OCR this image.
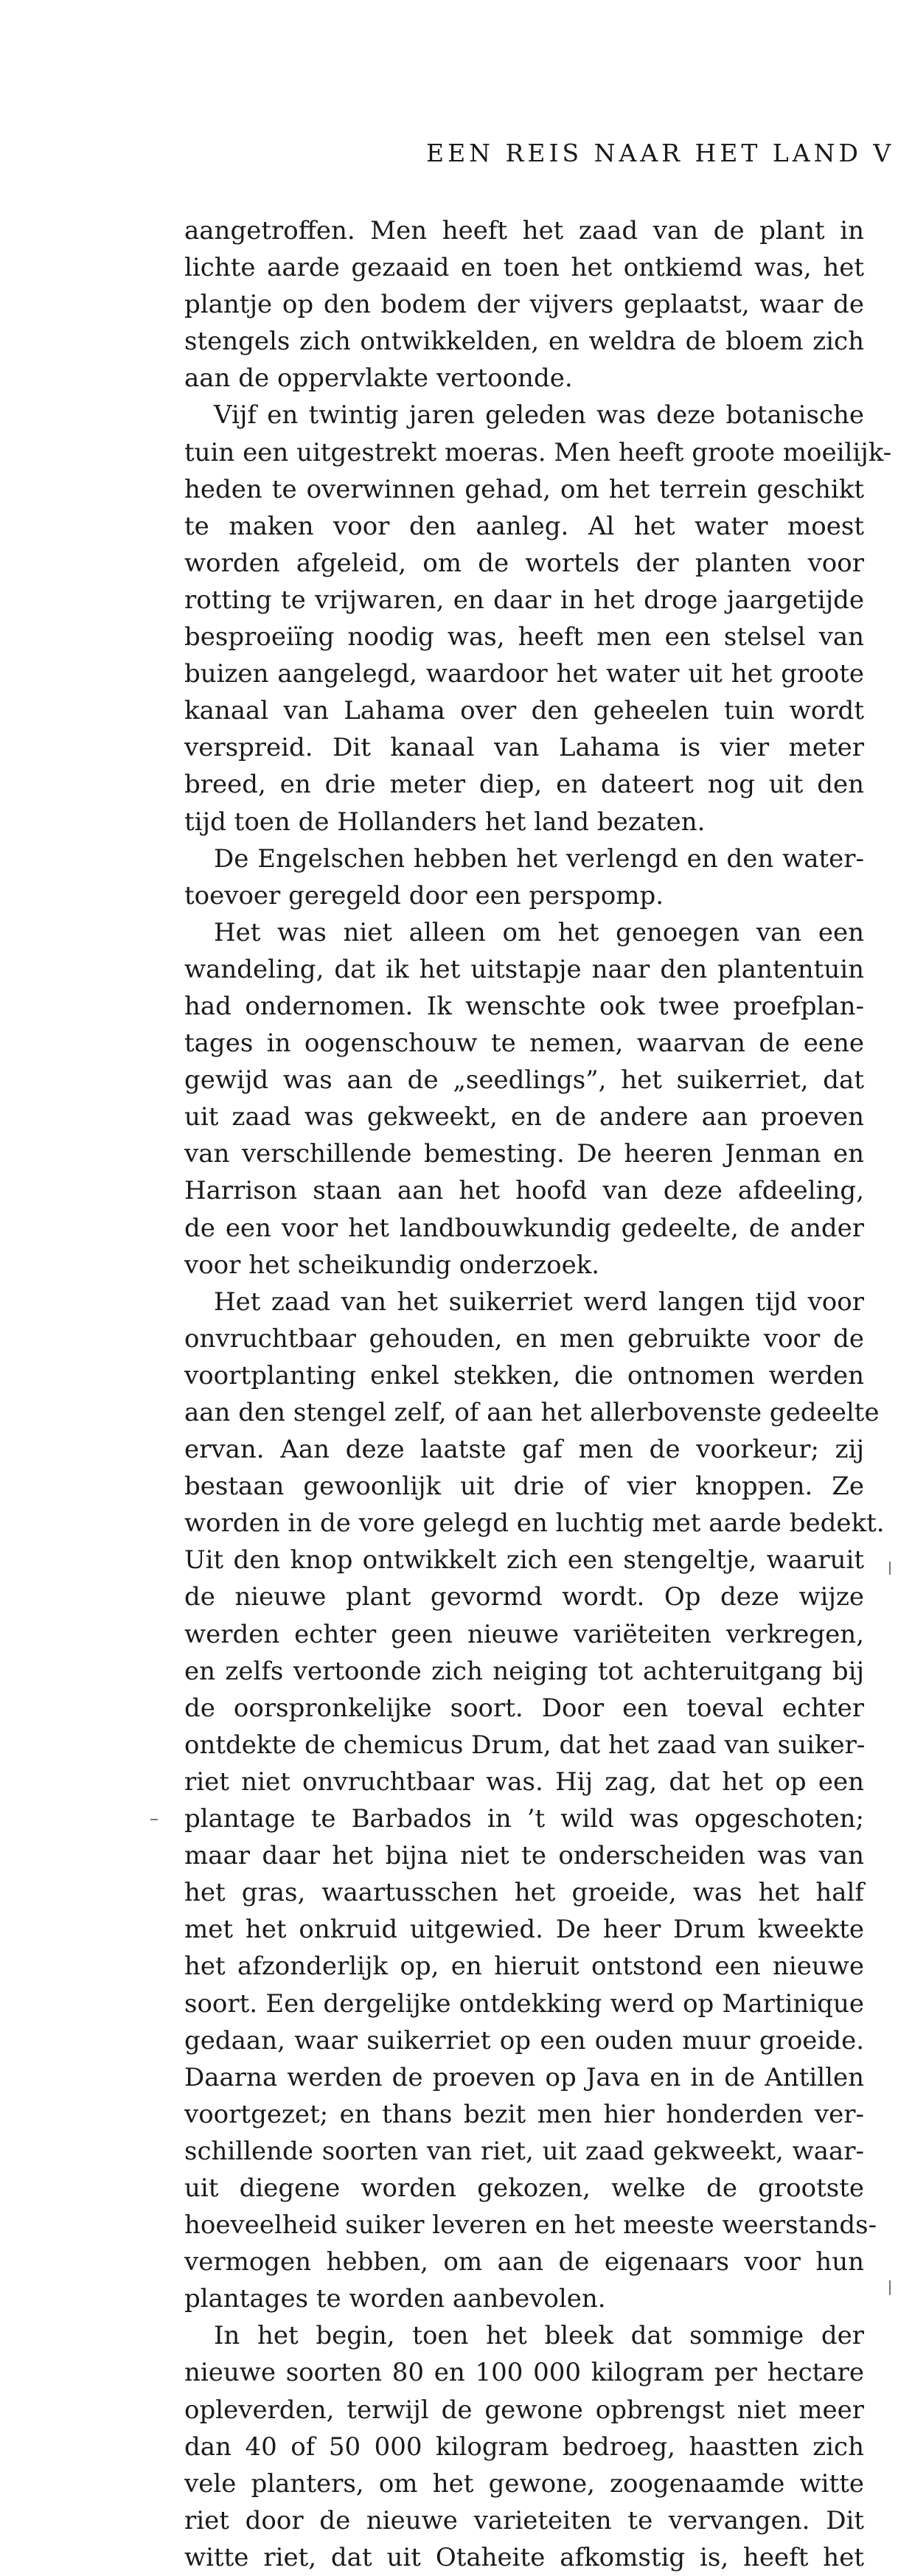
EEN REIS NAAR HET LAND V
aangetroffen. Men heeft het zaad van de plant in
lichte aarde gezaaid en toen het ontkiemd was, het
plantje op den bodem der vijvers geplaatst, waar de
stengels zich ontwikkelden, en weldra de bloem zich
aan de oppervlakte vertoonde.
Vijf en twintig jaren geleden was deze botanische
tuin een uitgestrekt moeras. Men heeft groote moeilijk-
heden te overwinnen gehad, om het terrein geschikt
te maken voor den aanleg. Al het water moest
worden afgeleid, om de wortels der planten voor
rotting te vrijwaren, en daar in het droge jaargetijde
besproeiïng noodig was, heeft men een stelsel van
buizen aangelegd, waardoor het water uit het groote
kanaal van Lahama over den geheelen tuin wordt
verspreid. Dit kanaal van Lahama is vier meter
breed, en drie meter diep, en dateert nog uit den
tijd toen de Hollanders het land bezaten.
De Engelschen hebben het verlengd en den water-
toevoer geregeld door een perspomp.
Het was niet alleen om het genoegen van een
wandeling, dat ik het uitstapje naar den plantentuin
had ondernomen. Ik wenschte ook twee proefplan-
tages in oogenschouw te nemen, waarvan de eene
gewijd was aan de „seedlings”, het suikerriet, dat
uit zaad was gekweekt, en de andere aan proeven
van verschillende bemesting. De heeren Jenman en
Harrison staan aan het hoofd van deze afdeeling,
de een voor het landbouwkundig gedeelte, de ander
voor het scheikundig onderzoek.
Het zaad van het suikerriet werd langen tijd voor
onvruchtbaar gehouden, en men gebruikte voor de
voortplanting enkel stekken, die ontnomen werden
aan den stengel zelf, of aan het allerbovenste gedeelte
ervan. Aan deze laatste gaf men de voorkeur; zij
bestaan gewoonlijk uit drie of vier knoppen. Ze
worden in de vore gelegd en luchtig met aarde bedekt.
Uit den knop ontwikkelt zich een stengeltje, waaruit
de nieuwe plant gevormd wordt. Op deze wijze
werden echter geen nieuwe variëteiten verkregen,
en zelfs vertoonde zich neiging tot achteruitgang bij
de oorspronkelijke soort. Door een toeval echter
ontdekte de chemicus Drum, dat het zaad van suiker-
riet niet onvruchtbaar was. Hij zag, dat het op een
plantage te Barbados in ’t wild was opgeschoten;
maar daar het bijna niet te onderscheiden was van
het gras, waartusschen het groeide, was het half
met het onkruid uitgewied. De heer Drum kweekte
het afzonderlijk op, en hieruit ontstond een nieuwe
soort. Een dergelijke ontdekking werd op Martinique
gedaan, waar suikerriet op een ouden muur groeide.
Daarna werden de proeven op Java en in de Antillen
voortgezet; en thans bezit men hier honderden ver-
schillende soorten van riet, uit zaad gekweekt, waar-
uit diegene worden gekozen, welke de grootste
hoeveelheid suiker leveren en het meeste weerstands-
vermogen hebben, om aan de eigenaars voor hun
plantages te worden aanbevolen.
In het begin, toen het bleek dat sommige der
nieuwe soorten 80 en 100 000 kilogram per hectare
opleverden, terwijl de gewone opbrengst niet meer
dan 40 of 50 000 kilogram bedroeg, haastten zich
vele planters, om het gewone, zoogenaamde witte
riet door de nieuwe varieteiten te vervangen. Dit
witte riet, dat uit Otaheite afkomstig is, heeft het
